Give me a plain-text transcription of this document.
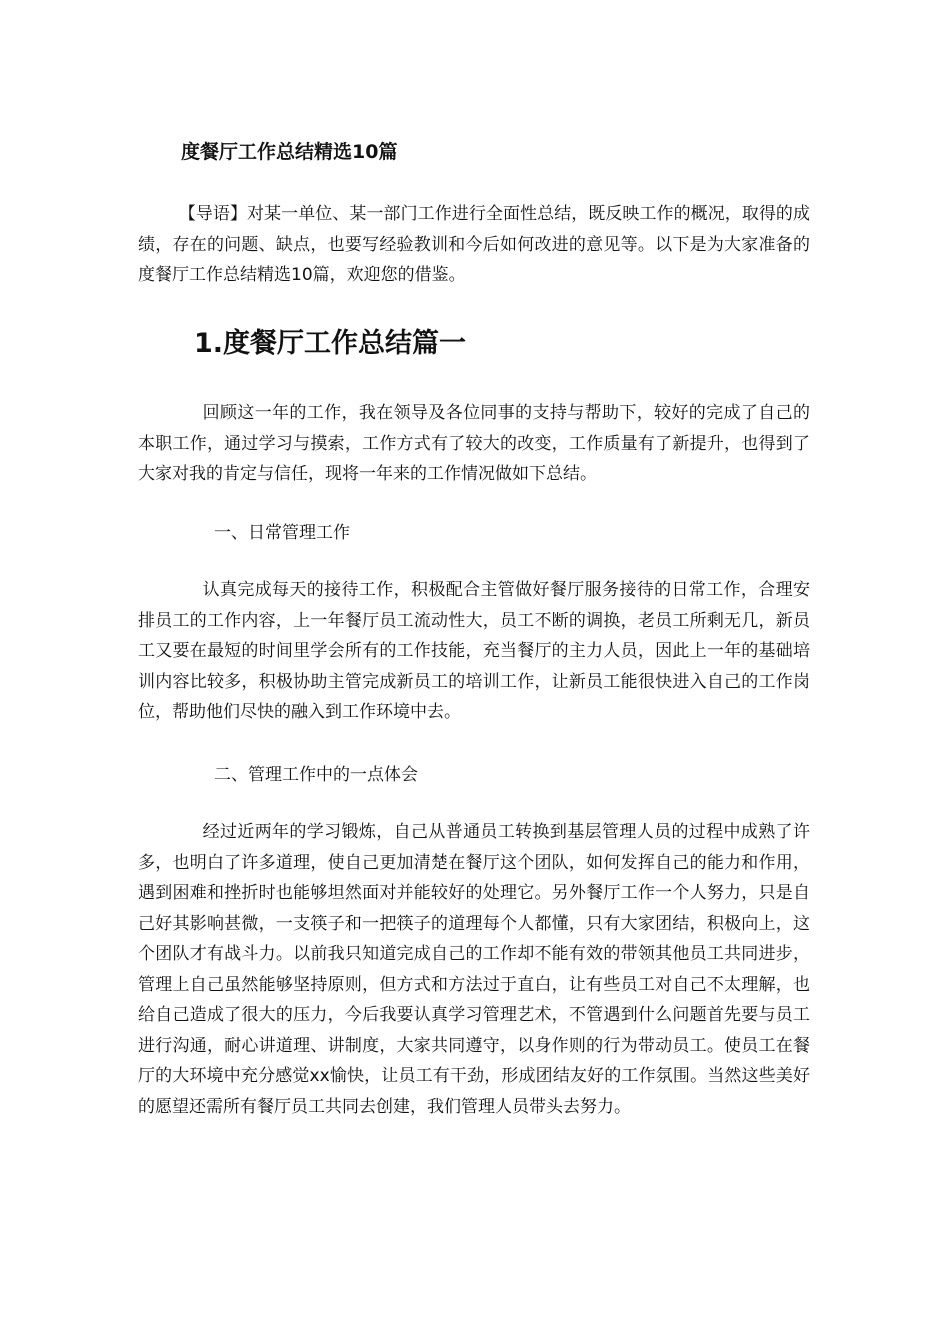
度餐厅工作总结精选10篇

【导语】对某一单位、某一部门工作进行全面性总结，既反映工作的概况，取得的成绩，存在的问题、缺点，也要写经验教训和今后如何改进的意见等。以下是为大家准备的度餐厅工作总结精选10篇，欢迎您的借鉴。

1.度餐厅工作总结篇一

回顾这一年的工作，我在领导及各位同事的支持与帮助下，较好的完成了自己的本职工作，通过学习与摸索，工作方式有了较大的改变，工作质量有了新提升，也得到了大家对我的肯定与信任，现将一年来的工作情况做如下总结。

一、日常管理工作

认真完成每天的接待工作，积极配合主管做好餐厅服务接待的日常工作，合理安排员工的工作内容，上一年餐厅员工流动性大，员工不断的调换，老员工所剩无几，新员工又要在最短的时间里学会所有的工作技能，充当餐厅的主力人员，因此上一年的基础培训内容比较多，积极协助主管完成新员工的培训工作，让新员工能很快进入自己的工作岗位，帮助他们尽快的融入到工作环境中去。

二、管理工作中的一点体会

经过近两年的学习锻炼，自己从普通员工转换到基层管理人员的过程中成熟了许多，也明白了许多道理，使自己更加清楚在餐厅这个团队，如何发挥自己的能力和作用，遇到困难和挫折时也能够坦然面对并能较好的处理它。另外餐厅工作一个人努力，只是自己好其影响甚微，一支筷子和一把筷子的道理每个人都懂，只有大家团结，积极向上，这个团队才有战斗力。以前我只知道完成自己的工作却不能有效的带领其他员工共同进步，管理上自己虽然能够坚持原则，但方式和方法过于直白，让有些员工对自己不太理解，也给自己造成了很大的压力，今后我要认真学习管理艺术，不管遇到什么问题首先要与员工进行沟通，耐心讲道理、讲制度，大家共同遵守，以身作则的行为带动员工。使员工在餐厅的大环境中充分感觉xx愉快，让员工有干劲，形成团结友好的工作氛围。当然这些美好的愿望还需所有餐厅员工共同去创建，我们管理人员带头去努力。
